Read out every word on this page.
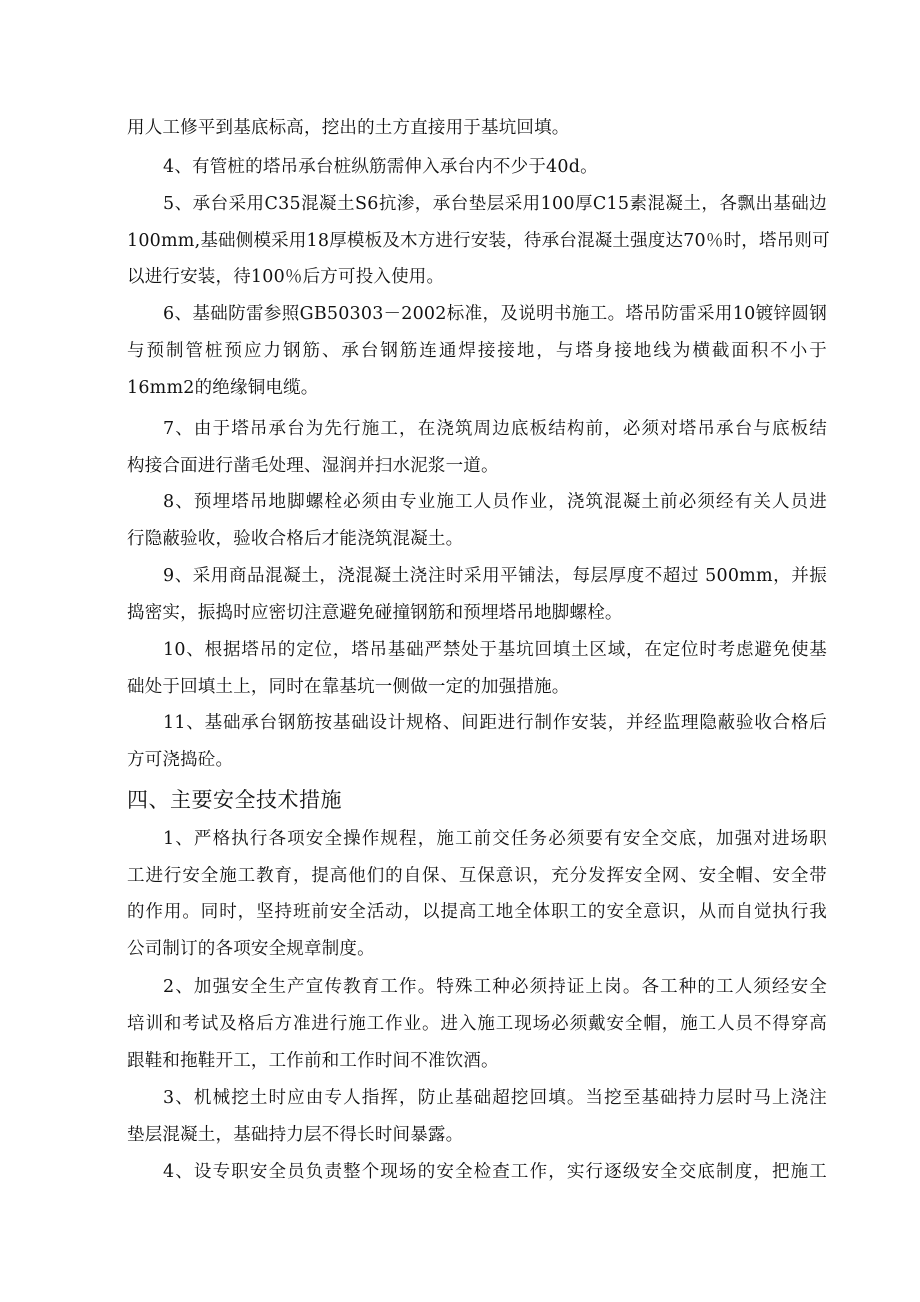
用人工修平到基底标高，挖出的土方直接用于基坑回填。
4、有管桩的塔吊承台桩纵筋需伸入承台内不少于40d。
5、承台采用C35混凝土S6抗渗，承台垫层采用100厚C15素混凝土，各飘出基础边
100mm,基础侧模采用18厚模板及木方进行安装，待承台混凝土强度达70％时，塔吊则可
以进行安装，待100％后方可投入使用。
6、基础防雷参照GB50303－2002标准，及说明书施工。塔吊防雷采用10镀锌圆钢
与预制管桩预应力钢筋、承台钢筋连通焊接接地，与塔身接地线为横截面积不小于
16mm2的绝缘铜电缆。
7、由于塔吊承台为先行施工，在浇筑周边底板结构前，必须对塔吊承台与底板结
构接合面进行凿毛处理、湿润并扫水泥浆一道。
8、预埋塔吊地脚螺栓必须由专业施工人员作业，浇筑混凝土前必须经有关人员进
行隐蔽验收，验收合格后才能浇筑混凝土。
9、采用商品混凝土，浇混凝土浇注时采用平铺法，每层厚度不超过 500mm，并振
捣密实，振捣时应密切注意避免碰撞钢筋和预埋塔吊地脚螺栓。
10、根据塔吊的定位，塔吊基础严禁处于基坑回填土区域，在定位时考虑避免使基
础处于回填土上，同时在靠基坑一侧做一定的加强措施。
11、基础承台钢筋按基础设计规格、间距进行制作安装，并经监理隐蔽验收合格后
方可浇捣砼。
四、主要安全技术措施
1、严格执行各项安全操作规程，施工前交任务必须要有安全交底，加强对进场职
工进行安全施工教育，提高他们的自保、互保意识，充分发挥安全网、安全帽、安全带
的作用。同时，坚持班前安全活动，以提高工地全体职工的安全意识，从而自觉执行我
公司制订的各项安全规章制度。
2、加强安全生产宣传教育工作。特殊工种必须持证上岗。各工种的工人须经安全
培训和考试及格后方准进行施工作业。进入施工现场必须戴安全帽，施工人员不得穿高
跟鞋和拖鞋开工，工作前和工作时间不准饮酒。
3、机械挖土时应由专人指挥，防止基础超挖回填。当挖至基础持力层时马上浇注
垫层混凝土，基础持力层不得长时间暴露。
4、设专职安全员负责整个现场的安全检查工作，实行逐级安全交底制度，把施工
